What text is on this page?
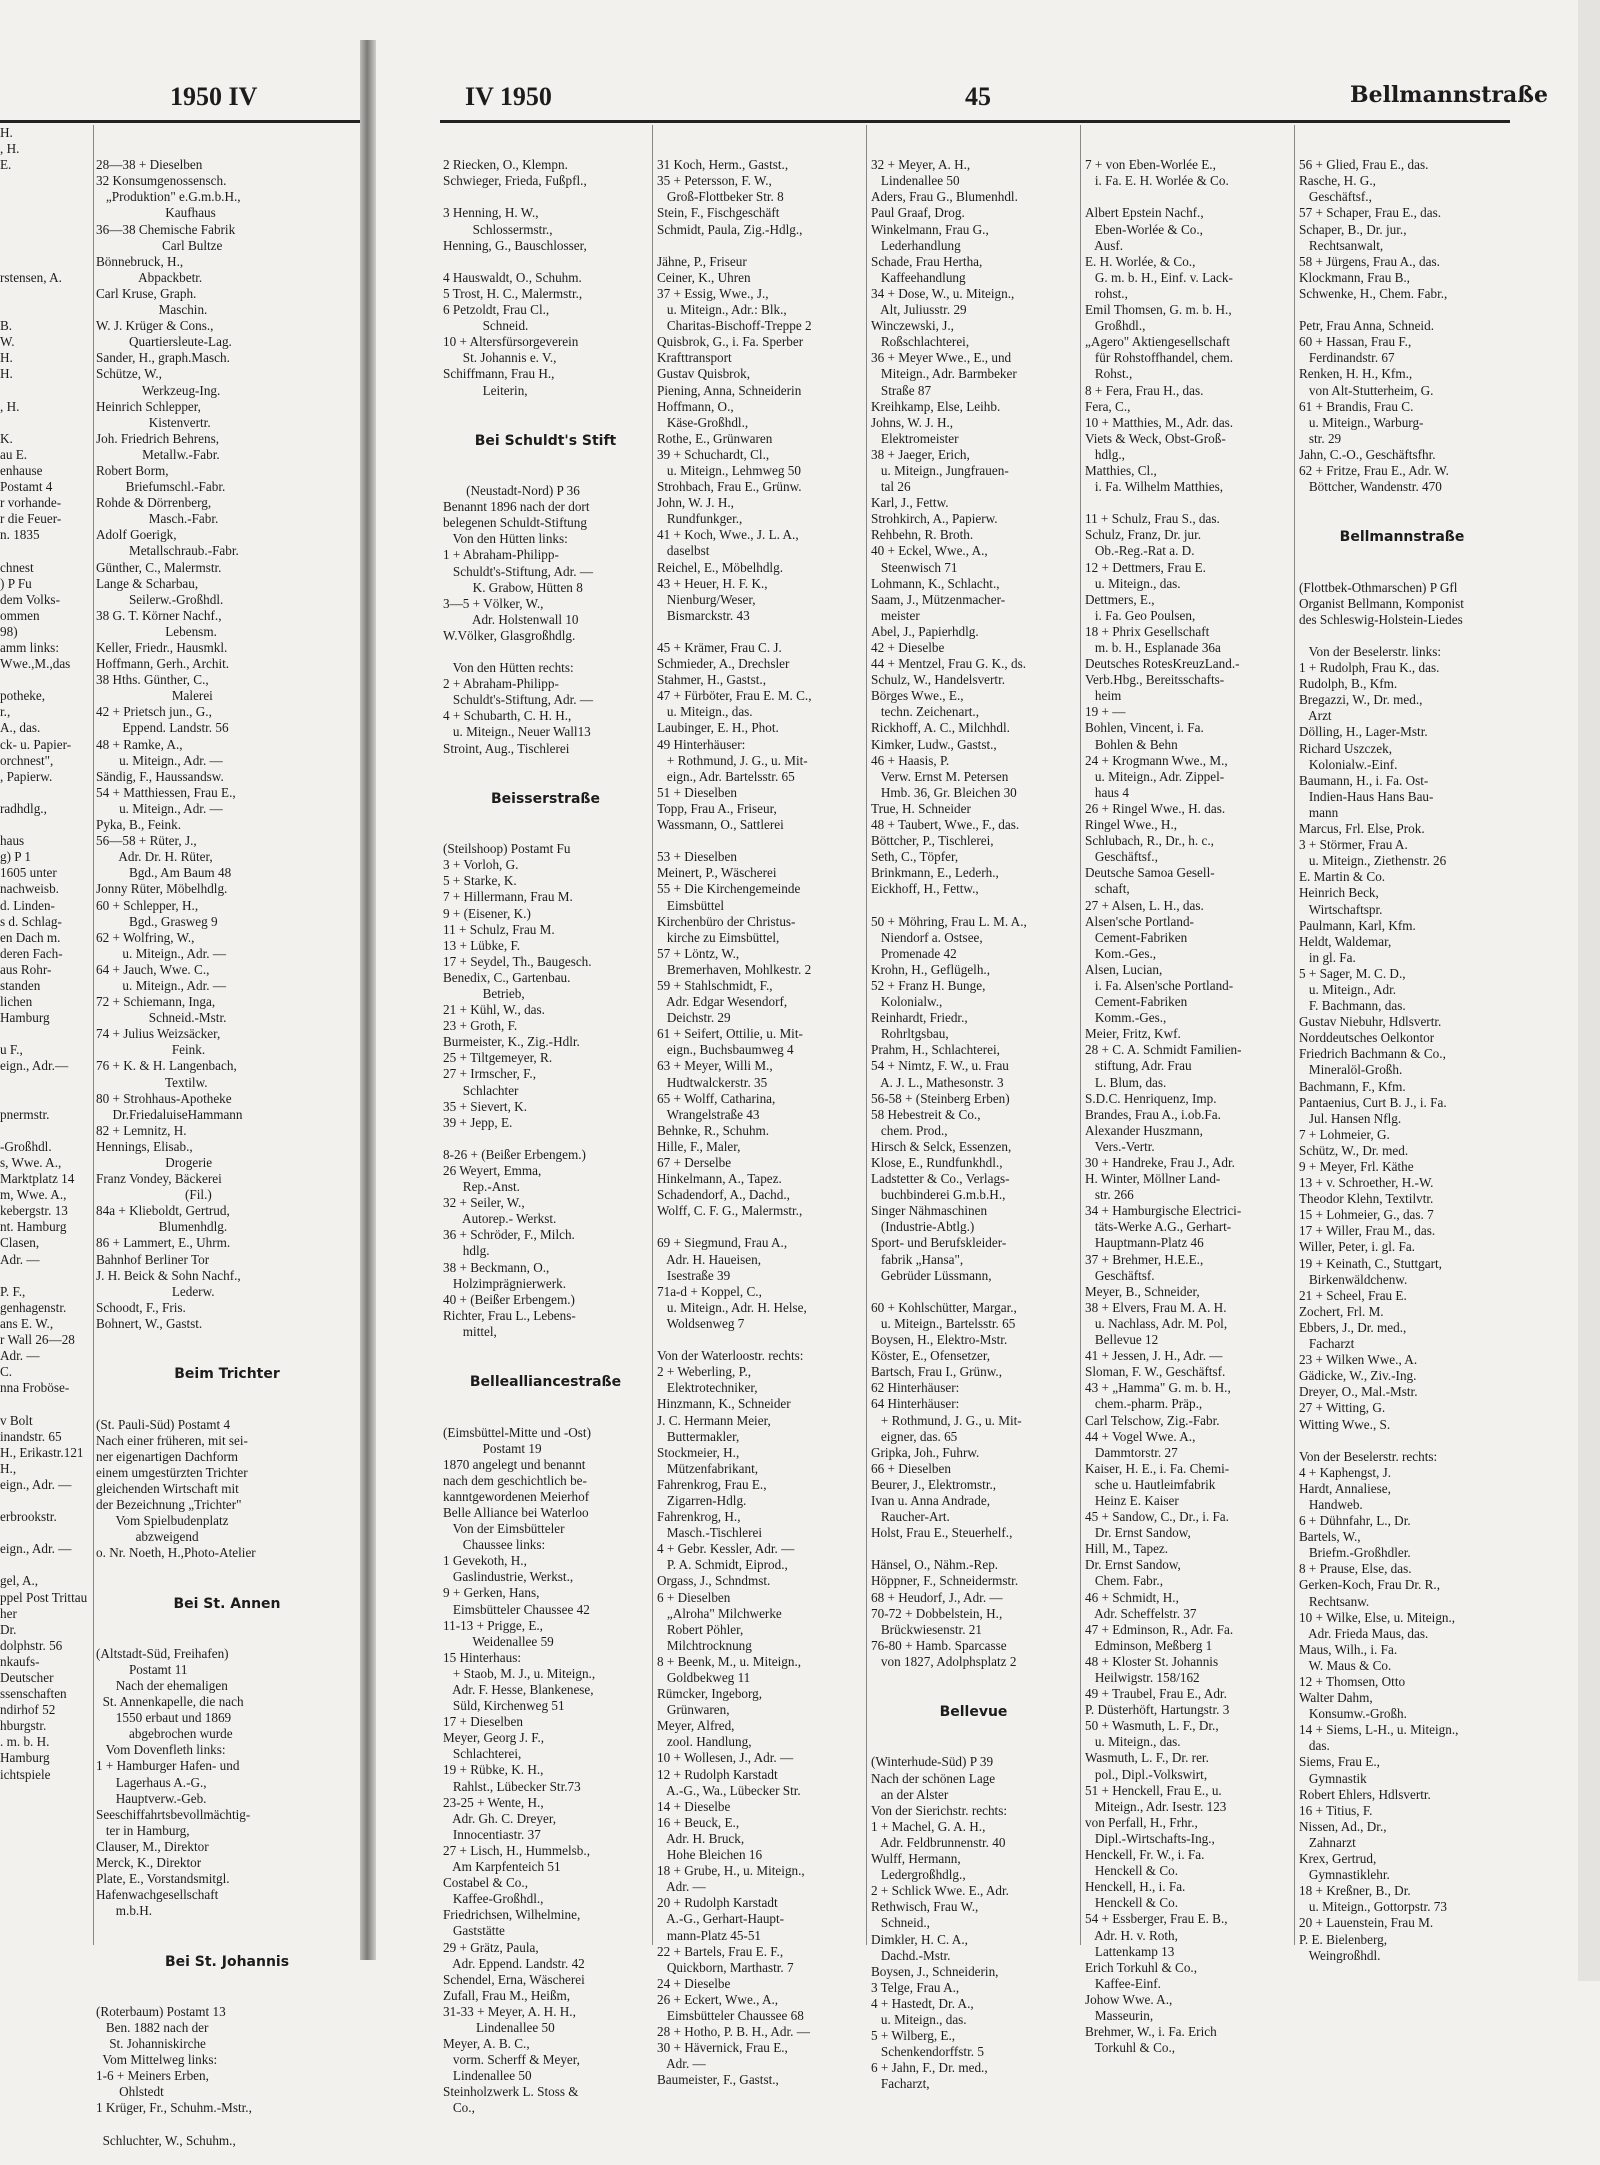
1950 IV	IV 1950	45	Bellmannstraße
H.
, H.
E.

rstensen, A.

B.
W.
H.
H.

, H.

K.
au E.
enhause
Postamt 4
r vorhande-
r die Feuer-
n. 1835

chnest
) P Fu
dem Volks-
ommen
98)
amm links:
Wwe.,M.,das

potheke,
r.,
A., das.
ck- u. Papier-
orchnest",
, Papierw.

radhdlg.,

haus
g) P 1
1605 unter
nachweisb.
d. Linden-
s d. Schlag-
en Dach m.
deren Fach-
aus Rohr-
standen
lichen
Hamburg

u F.,
eign., Adr.—

pnermstr.

-Großhdl.
s, Wwe. A.,
Marktplatz 14
m, Wwe. A.,
kebergstr. 13
nt. Hamburg
Clasen,
Adr. —

P. F.,
genhagenstr.
ans E. W.,
r Wall 26—28
Adr. —
C.
nna Froböse-

v Bolt
inandstr. 65
H., Erikastr.121
H.,
eign., Adr. —

erbrookstr.

eign., Adr. —

gel, A.,
ppel Post Trittau
her
Dr.
dolphstr. 56
nkaufs-
Deutscher
ssenschaften
ndirhof 52
hburgstr.
. m. b. H.
Hamburg
ichtspiele

28—38 + Dieselben
32 Konsumgenossensch.
„Produktion" e.G.m.b.H.,
Kaufhaus
36—38 Chemische Fabrik
Carl Bultze
Bönnebruck, H.,
Abpackbetr.
Carl Kruse, Graph.
Maschin.
W. J. Krüger & Cons.,
Quartiersleute-Lag.
Sander, H., graph.Masch.
Schütze, W.,
Werkzeug-Ing.
Heinrich Schlepper,
Kistenvertr.
Joh. Friedrich Behrens,
Metallw.-Fabr.
Robert Borm,
Briefumschl.-Fabr.
Rohde & Dörrenberg,
Masch.-Fabr.
Adolf Goerigk,
Metallschraub.-Fabr.
Günther, C., Malermstr.
Lange & Scharbau,
Seilerw.-Großhdl.
38 G. T. Körner Nachf.,
Lebensm.
Keller, Friedr., Hausmkl.
Hoffmann, Gerh., Archit.
38 Hths. Günther, C.,
Malerei
42 + Prietsch jun., G.,
Eppend. Landstr. 56
48 + Ramke, A.,
u. Miteign., Adr. —
Sändig, F., Haussandsw.
54 + Matthiessen, Frau E.,
u. Miteign., Adr. —
Pyka, B., Feink.
56—58 + Rüter, J.,
Adr. Dr. H. Rüter,
Bgd., Am Baum 48
Jonny Rüter, Möbelhdlg.
60 + Schlepper, H.,
Bgd., Grasweg 9
62 + Wolfring, W.,
u. Miteign., Adr. —
64 + Jauch, Wwe. C.,
u. Miteign., Adr. —
72 + Schiemann, Inga,
Schneid.-Mstr.
74 + Julius Weizsäcker,
Feink.
76 + K. & H. Langenbach,
Textilw.
80 + Strohhaus-Apotheke
Dr.FriedaluiseHammann
82 + Lemnitz, H.
Hennings, Elisab.,
Drogerie
Franz Vondey, Bäckerei
(Fil.)
84a + Klieboldt, Gertrud,
Blumenhdlg.
86 + Lammert, E., Uhrm.
Bahnhof Berliner Tor
J. H. Beick & Sohn Nachf.,
Lederw.
Schoodt, F., Fris.
Bohnert, W., Gastst.

Beim Trichter

(St. Pauli-Süd) Postamt 4
Nach einer früheren, mit sei-
ner eigenartigen Dachform
einem umgestürzten Trichter
gleichenden Wirtschaft mit
der Bezeichnung „Trichter"
Vom Spielbudenplatz
abzweigend
o. Nr. Noeth, H.,Photo-Atelier

Bei St. Annen

(Altstadt-Süd, Freihafen)
Postamt 11
Nach der ehemaligen
St. Annenkapelle, die nach
1550 erbaut und 1869
abgebrochen wurde
Vom Dovenfleth links:
1 + Hamburger Hafen- und
Lagerhaus A.-G.,
Hauptverw.-Geb.
Seeschiffahrtsbevollmächtig-
ter in Hamburg,
Clauser, M., Direktor
Merck, K., Direktor
Plate, E., Vorstandsmitgl.
Hafenwachgesellschaft
m.b.H.

Bei St. Johannis

(Roterbaum) Postamt 13
Ben. 1882 nach der
St. Johanniskirche
Vom Mittelweg links:
1-6 + Meiners Erben,
Ohlstedt
1 Krüger, Fr., Schuhm.-Mstr.,

Schluchter, W., Schuhm.,

2 Riecken, O., Klempn.
Schwieger, Frieda, Fußpfl.,

3 Henning, H. W.,
Schlossermstr.,
Henning, G., Bauschlosser,

4 Hauswaldt, O., Schuhm.
5 Trost, H. C., Malermstr.,
6 Petzoldt, Frau Cl.,
Schneid.
10 + Altersfürsorgeverein
St. Johannis e. V.,
Schiffmann, Frau H.,
Leiterin,

Bei Schuldt's Stift

(Neustadt-Nord) P 36
Benannt 1896 nach der dort
belegenen Schuldt-Stiftung
Von den Hütten links:
1 + Abraham-Philipp-
Schuldt's-Stiftung, Adr. —
K. Grabow, Hütten 8
3—5 + Völker, W.,
Adr. Holstenwall 10
W.Völker, Glasgroßhdlg.

Von den Hütten rechts:
2 + Abraham-Philipp-
Schuldt's-Stiftung, Adr. —
4 + Schubarth, C. H. H.,
u. Miteign., Neuer Wall13
Stroint, Aug., Tischlerei

Beisserstraße

(Steilshoop) Postamt Fu
3 + Vorloh, G.
5 + Starke, K.
7 + Hillermann, Frau M.
9 + (Eisener, K.)
11 + Schulz, Frau M.
13 + Lübke, F.
17 + Seydel, Th., Baugesch.
Benedix, C., Gartenbau.
Betrieb,
21 + Kühl, W., das.
23 + Groth, F.
Burmeister, K., Zig.-Hdlr.
25 + Tiltgemeyer, R.
27 + Irmscher, F.,
Schlachter
35 + Sievert, K.
39 + Jepp, E.

8-26 + (Beißer Erbengem.)
26 Weyert, Emma,
Rep.-Anst.
32 + Seiler, W.,
Autorep.- Werkst.
36 + Schröder, F., Milch.
hdlg.
38 + Beckmann, O.,
Holzimprägnierwerk.
40 + (Beißer Erbengem.)
Richter, Frau L., Lebens-
mittel,

Bellealliancestraße

(Eimsbüttel-Mitte und -Ost)
Postamt 19
1870 angelegt und benannt
nach dem geschichtlich be-
kanntgewordenen Meierhof
Belle Alliance bei Waterloo
Von der Eimsbütteler
Chaussee links:
1 Gevekoth, H.,
Gaslindustrie, Werkst.,
9 + Gerken, Hans,
Eimsbütteler Chaussee 42
11-13 + Prigge, E.,
Weidenallee 59
15 Hinterhaus:
+ Staob, M. J., u. Miteign.,
Adr. F. Hesse, Blankenese,
Süld, Kirchenweg 51
17 + Dieselben
Meyer, Georg J. F.,
Schlachterei,
19 + Rübke, K. H.,
Rahlst., Lübecker Str.73
23-25 + Wente, H.,
Adr. Gh. C. Dreyer,
Innocentiastr. 37
27 + Lisch, H., Hummelsb.,
Am Karpfenteich 51
Costabel & Co.,
Kaffee-Großhdl.,
Friedrichsen, Wilhelmine,
Gaststätte
29 + Grätz, Paula,
Adr. Eppend. Landstr. 42
Schendel, Erna, Wäscherei
Zufall, Frau M., Heißm,
31-33 + Meyer, A. H. H.,
Lindenallee 50
Meyer, A. B. C.,
vorm. Scherff & Meyer,
Lindenallee 50
Steinholzwerk L. Stoss &
Co.,

31 Koch, Herm., Gastst.,
35 + Petersson, F. W.,
Groß-Flottbeker Str. 8
Stein, F., Fischgeschäft
Schmidt, Paula, Zig.-Hdlg.,

Jähne, P., Friseur
Ceiner, K., Uhren
37 + Essig, Wwe., J.,
u. Miteign., Adr.: Blk.,
Charitas-Bischoff-Treppe 2
Quisbrok, G., i. Fa. Sperber
Krafttransport
Gustav Quisbrok,
Piening, Anna, Schneiderin
Hoffmann, O.,
Käse-Großhdl.,
Rothe, E., Grünwaren
39 + Schuchardt, Cl.,
u. Miteign., Lehmweg 50
Strohbach, Frau E., Grünw.
John, W. J. H.,
Rundfunkger.,
41 + Koch, Wwe., J. L. A.,
daselbst
Reichel, E., Möbelhdlg.
43 + Heuer, H. F. K.,
Nienburg/Weser,
Bismarckstr. 43

45 + Krämer, Frau C. J.
Schmieder, A., Drechsler
Stahmer, H., Gastst.,
47 + Fürböter, Frau E. M. C.,
u. Miteign., das.
Laubinger, E. H., Phot.
49 Hinterhäuser:
+ Rothmund, J. G., u. Mit-
eign., Adr. Bartelsstr. 65
51 + Dieselben
Topp, Frau A., Friseur,
Wassmann, O., Sattlerei

53 + Dieselben
Meinert, P., Wäscherei
55 + Die Kirchengemeinde
Eimsbüttel
Kirchenbüro der Christus-
kirche zu Eimsbüttel,
57 + Löntz, W.,
Bremerhaven, Mohlkestr. 2
59 + Stahlschmidt, F.,
Adr. Edgar Wesendorf,
Deichstr. 29
61 + Seifert, Ottilie, u. Mit-
eign., Buchsbaumweg 4
63 + Meyer, Willi M.,
Hudtwalckerstr. 35
65 + Wolff, Catharina,
Wrangelstraße 43
Behnke, R., Schuhm.
Hille, F., Maler,
67 + Derselbe
Hinkelmann, A., Tapez.
Schadendorf, A., Dachd.,
Wolff, C. F. G., Malermstr.,

69 + Siegmund, Frau A.,
Adr. H. Haueisen,
Isestraße 39
71a-d + Koppel, C.,
u. Miteign., Adr. H. Helse,
Woldsenweg 7

Von der Waterloostr. rechts:
2 + Weberling, P.,
Elektrotechniker,
Hinzmann, K., Schneider
J. C. Hermann Meier,
Buttermakler,
Stockmeier, H.,
Mützenfabrikant,
Fahrenkrog, Frau E.,
Zigarren-Hdlg.
Fahrenkrog, H.,
Masch.-Tischlerei
4 + Gebr. Kessler, Adr. —
P. A. Schmidt, Eiprod.,
Orgass, J., Schndmst.
6 + Dieselben
„Alroha" Milchwerke
Robert Pöhler,
Milchtrocknung
8 + Beenk, M., u. Miteign.,
Goldbekweg 11
Rümcker, Ingeborg,
Grünwaren,
Meyer, Alfred,
zool. Handlung,
10 + Wollesen, J., Adr. —
12 + Rudolph Karstadt
A.-G., Wa., Lübecker Str.
14 + Dieselbe
16 + Beuck, E.,
Adr. H. Bruck,
Hohe Bleichen 16
18 + Grube, H., u. Miteign.,
Adr. —
20 + Rudolph Karstadt
A.-G., Gerhart-Haupt-
mann-Platz 45-51
22 + Bartels, Frau E. F.,
Quickborn, Marthastr. 7
24 + Dieselbe
26 + Eckert, Wwe., A.,
Eimsbütteler Chaussee 68
28 + Hotho, P. B. H., Adr. —
30 + Hävernick, Frau E.,
Adr. —
Baumeister, F., Gastst.,

32 + Meyer, A. H.,
Lindenallee 50
Aders, Frau G., Blumenhdl.
Paul Graaf, Drog.
Winkelmann, Frau G.,
Lederhandlung
Schade, Frau Hertha,
Kaffeehandlung
34 + Dose, W., u. Miteign.,
Alt, Juliusstr. 29
Winczewski, J.,
Roßschlachterei,
36 + Meyer Wwe., E., und
Miteign., Adr. Barmbeker
Straße 87
Kreihkamp, Else, Leihb.
Johns, W. J. H.,
Elektromeister
38 + Jaeger, Erich,
u. Miteign., Jungfrauen-
tal 26
Karl, J., Fettw.
Strohkirch, A., Papierw.
Rehbehn, R. Broth.
40 + Eckel, Wwe., A.,
Steenwisch 71
Lohmann, K., Schlacht.,
Saam, J., Mützenmacher-
meister
Abel, J., Papierhdlg.
42 + Dieselbe
44 + Mentzel, Frau G. K., ds.
Schulz, W., Handelsvertr.
Börges Wwe., E.,
techn. Zeichenart.,
Rickhoff, A. C., Milchhdl.
Kimker, Ludw., Gastst.,
46 + Haasis, P.
Verw. Ernst M. Petersen
Hmb. 36, Gr. Bleichen 30
True, H. Schneider
48 + Taubert, Wwe., F., das.
Böttcher, P., Tischlerei,
Seth, C., Töpfer,
Brinkmann, E., Lederh.,
Eickhoff, H., Fettw.,

50 + Möhring, Frau L. M. A.,
Niendorf a. Ostsee,
Promenade 42
Krohn, H., Geflügelh.,
52 + Franz H. Bunge,
Kolonialw.,
Reinhardt, Friedr.,
Rohrltgsbau,
Prahm, H., Schlachterei,
54 + Nimtz, F. W., u. Frau
A. J. L., Mathesonstr. 3
56-58 + (Steinberg Erben)
58 Hebestreit & Co.,
chem. Prod.,
Hirsch & Selck, Essenzen,
Klose, E., Rundfunkhdl.,
Ladstetter & Co., Verlags-
buchbinderei G.m.b.H.,
Singer Nähmaschinen
(Industrie-Abtlg.)
Sport- und Berufskleider-
fabrik „Hansa",
Gebrüder Lüssmann,

60 + Kohlschütter, Margar.,
u. Miteign., Bartelsstr. 65
Boysen, H., Elektro-Mstr.
Köster, E., Ofensetzer,
Bartsch, Frau I., Grünw.,
62 Hinterhäuser:
64 Hinterhäuser:
+ Rothmund, J. G., u. Mit-
eigner, das. 65
Gripka, Joh., Fuhrw.
66 + Dieselben
Beurer, J., Elektromstr.,
Ivan u. Anna Andrade,
Raucher-Art.
Holst, Frau E., Steuerhelf.,

Hänsel, O., Nähm.-Rep.
Höppner, F., Schneidermstr.
68 + Heudorf, J., Adr. —
70-72 + Dobbelstein, H.,
Brückwiesenstr. 21
76-80 + Hamb. Sparcasse
von 1827, Adolphsplatz 2

Bellevue

(Winterhude-Süd) P 39
Nach der schönen Lage
an der Alster
Von der Sierichstr. rechts:
1 + Machel, G. A. H.,
Adr. Feldbrunnenstr. 40
Wulff, Hermann,
Ledergroßhdlg.,
2 + Schlick Wwe. E., Adr.
Rethwisch, Frau W.,
Schneid.,
Dimkler, H. C. A.,
Dachd.-Mstr.
Boysen, J., Schneiderin,
3 Telge, Frau A.,
4 + Hastedt, Dr. A.,
u. Miteign., das.
5 + Wilberg, E.,
Schenkendorffstr. 5
6 + Jahn, F., Dr. med.,
Facharzt,

7 + von Eben-Worlée E.,
i. Fa. E. H. Worlée & Co.

Albert Epstein Nachf.,
Eben-Worlée & Co.,
Ausf.
E. H. Worlée, & Co.,
G. m. b. H., Einf. v. Lack-
rohst.,
Emil Thomsen, G. m. b. H.,
Großhdl.,
„Agero" Aktiengesellschaft
für Rohstoffhandel, chem.
Rohst.,
8 + Fera, Frau H., das.
Fera, C.,
10 + Matthies, M., Adr. das.
Viets & Weck, Obst-Groß-
hdlg.,
Matthies, Cl.,
i. Fa. Wilhelm Matthies,

11 + Schulz, Frau S., das.
Schulz, Franz, Dr. jur.
Ob.-Reg.-Rat a. D.
12 + Dettmers, Frau E.
u. Miteign., das.
Dettmers, E.,
i. Fa. Geo Poulsen,
18 + Phrix Gesellschaft
m. b. H., Esplanade 36a
Deutsches RotesKreuzLand.-
Verb.Hbg., Bereitsschafts-
heim
19 + —
Bohlen, Vincent, i. Fa.
Bohlen & Behn
24 + Krogmann Wwe., M.,
u. Miteign., Adr. Zippel-
haus 4
26 + Ringel Wwe., H. das.
Ringel Wwe., H.,
Schlubach, R., Dr., h. c.,
Geschäftsf.,
Deutsche Samoa Gesell-
schaft,
27 + Alsen, L. H., das.
Alsen'sche Portland-
Cement-Fabriken
Kom.-Ges.,
Alsen, Lucian,
i. Fa. Alsen'sche Portland-
Cement-Fabriken
Komm.-Ges.,
Meier, Fritz, Kwf.
28 + C. A. Schmidt Familien-
stiftung, Adr. Frau
L. Blum, das.
S.D.C. Henriquenz, Imp.
Brandes, Frau A., i.ob.Fa.
Alexander Huszmann,
Vers.-Vertr.
30 + Handreke, Frau J., Adr.
H. Winter, Möllner Land-
str. 266
34 + Hamburgische Electrici-
täts-Werke A.G., Gerhart-
Hauptmann-Platz 46
37 + Brehmer, H.E.E.,
Geschäftsf.
Meyer, B., Schneider,
38 + Elvers, Frau M. A. H.
u. Nachlass, Adr. M. Pol,
Bellevue 12
41 + Jessen, J. H., Adr. —
Sloman, F. W., Geschäftsf.
43 + „Hamma" G. m. b. H.,
chem.-pharm. Präp.,
Carl Telschow, Zig.-Fabr.
44 + Vogel Wwe. A.,
Dammtorstr. 27
Kaiser, H. E., i. Fa. Chemi-
sche u. Hautleimfabrik
Heinz E. Kaiser
45 + Sandow, C., Dr., i. Fa.
Dr. Ernst Sandow,
Hill, M., Tapez.
Dr. Ernst Sandow,
Chem. Fabr.,
46 + Schmidt, H.,
Adr. Scheffelstr. 37
47 + Edminson, R., Adr. Fa.
Edminson, Meßberg 1
48 + Kloster St. Johannis
Heilwigstr. 158/162
49 + Traubel, Frau E., Adr.
P. Düsterhöft, Hartungstr. 3
50 + Wasmuth, L. F., Dr.,
u. Miteign., das.
Wasmuth, L. F., Dr. rer.
pol., Dipl.-Volkswirt,
51 + Henckell, Frau E., u.
Miteign., Adr. Isestr. 123
von Perfall, H., Frhr.,
Dipl.-Wirtschafts-Ing.,
Henckell, Fr. W., i. Fa.
Henckell & Co.
Henckell, H., i. Fa.
Henckell & Co.
54 + Essberger, Frau E. B.,
Adr. H. v. Roth,
Lattenkamp 13
Erich Torkuhl & Co.,
Kaffee-Einf.
Johow Wwe. A.,
Masseurin,
Brehmer, W., i. Fa. Erich
Torkuhl & Co.,

56 + Glied, Frau E., das.
Rasche, H. G.,
Geschäftsf.,
57 + Schaper, Frau E., das.
Schaper, B., Dr. jur.,
Rechtsanwalt,
58 + Jürgens, Frau A., das.
Klockmann, Frau B.,
Schwenke, H., Chem. Fabr.,

Petr, Frau Anna, Schneid.
60 + Hassan, Frau F.,
Ferdinandstr. 67
Renken, H. H., Kfm.,
von Alt-Stutterheim, G.
61 + Brandis, Frau C.
u. Miteign., Warburg-
str. 29
Jahn, C.-O., Geschäftsfhr.
62 + Fritze, Frau E., Adr. W.
Böttcher, Wandenstr. 470

Bellmannstraße

(Flottbek-Othmarschen) P Gfl
Organist Bellmann, Komponist
des Schleswig-Holstein-Liedes

Von der Beselerstr. links:
1 + Rudolph, Frau K., das.
Rudolph, B., Kfm.
Bregazzi, W., Dr. med.,
Arzt
Dölling, H., Lager-Mstr.
Richard Uszczek,
Kolonialw.-Einf.
Baumann, H., i. Fa. Ost-
Indien-Haus Hans Bau-
mann
Marcus, Frl. Else, Prok.
3 + Störmer, Frau A.
u. Miteign., Ziethenstr. 26
E. Martin & Co.
Heinrich Beck,
Wirtschaftspr.
Paulmann, Karl, Kfm.
Heldt, Waldemar,
in gl. Fa.
5 + Sager, M. C. D.,
u. Miteign., Adr.
F. Bachmann, das.
Gustav Niebuhr, Hdlsvertr.
Norddeutsches Oelkontor
Friedrich Bachmann & Co.,
Mineralöl-Großh.
Bachmann, F., Kfm.
Pantaenius, Curt B. J., i. Fa.
Jul. Hansen Nflg.
7 + Lohmeier, G.
Schütz, W., Dr. med.
9 + Meyer, Frl. Käthe
13 + v. Schroether, H.-W.
Theodor Klehn, Textilvtr.
15 + Lohmeier, G., das. 7
17 + Willer, Frau M., das.
Willer, Peter, i. gl. Fa.
19 + Keinath, C., Stuttgart,
Birkenwäldchenw.
21 + Scheel, Frau E.
Zochert, Frl. M.
Ebbers, J., Dr. med.,
Facharzt
23 + Wilken Wwe., A.
Gädicke, W., Ziv.-Ing.
Dreyer, O., Mal.-Mstr.
27 + Witting, G.
Witting Wwe., S.

Von der Beselerstr. rechts:
4 + Kaphengst, J.
Hardt, Annaliese,
Handweb.
6 + Dühnfahr, L., Dr.
Bartels, W.,
Briefm.-Großhdler.
8 + Prause, Else, das.
Gerken-Koch, Frau Dr. R.,
Rechtsanw.
10 + Wilke, Else, u. Miteign.,
Adr. Frieda Maus, das.
Maus, Wilh., i. Fa.
W. Maus & Co.
12 + Thomsen, Otto
Walter Dahm,
Konsumw.-Großh.
14 + Siems, L-H., u. Miteign.,
das.
Siems, Frau E.,
Gymnastik
Robert Ehlers, Hdlsvertr.
16 + Titius, F.
Nissen, Ad., Dr.,
Zahnarzt
Krex, Gertrud,
Gymnastiklehr.
18 + Kreßner, B., Dr.
u. Miteign., Gottorpstr. 73
20 + Lauenstein, Frau M.
P. E. Bielenberg,
Weingroßhdl.
